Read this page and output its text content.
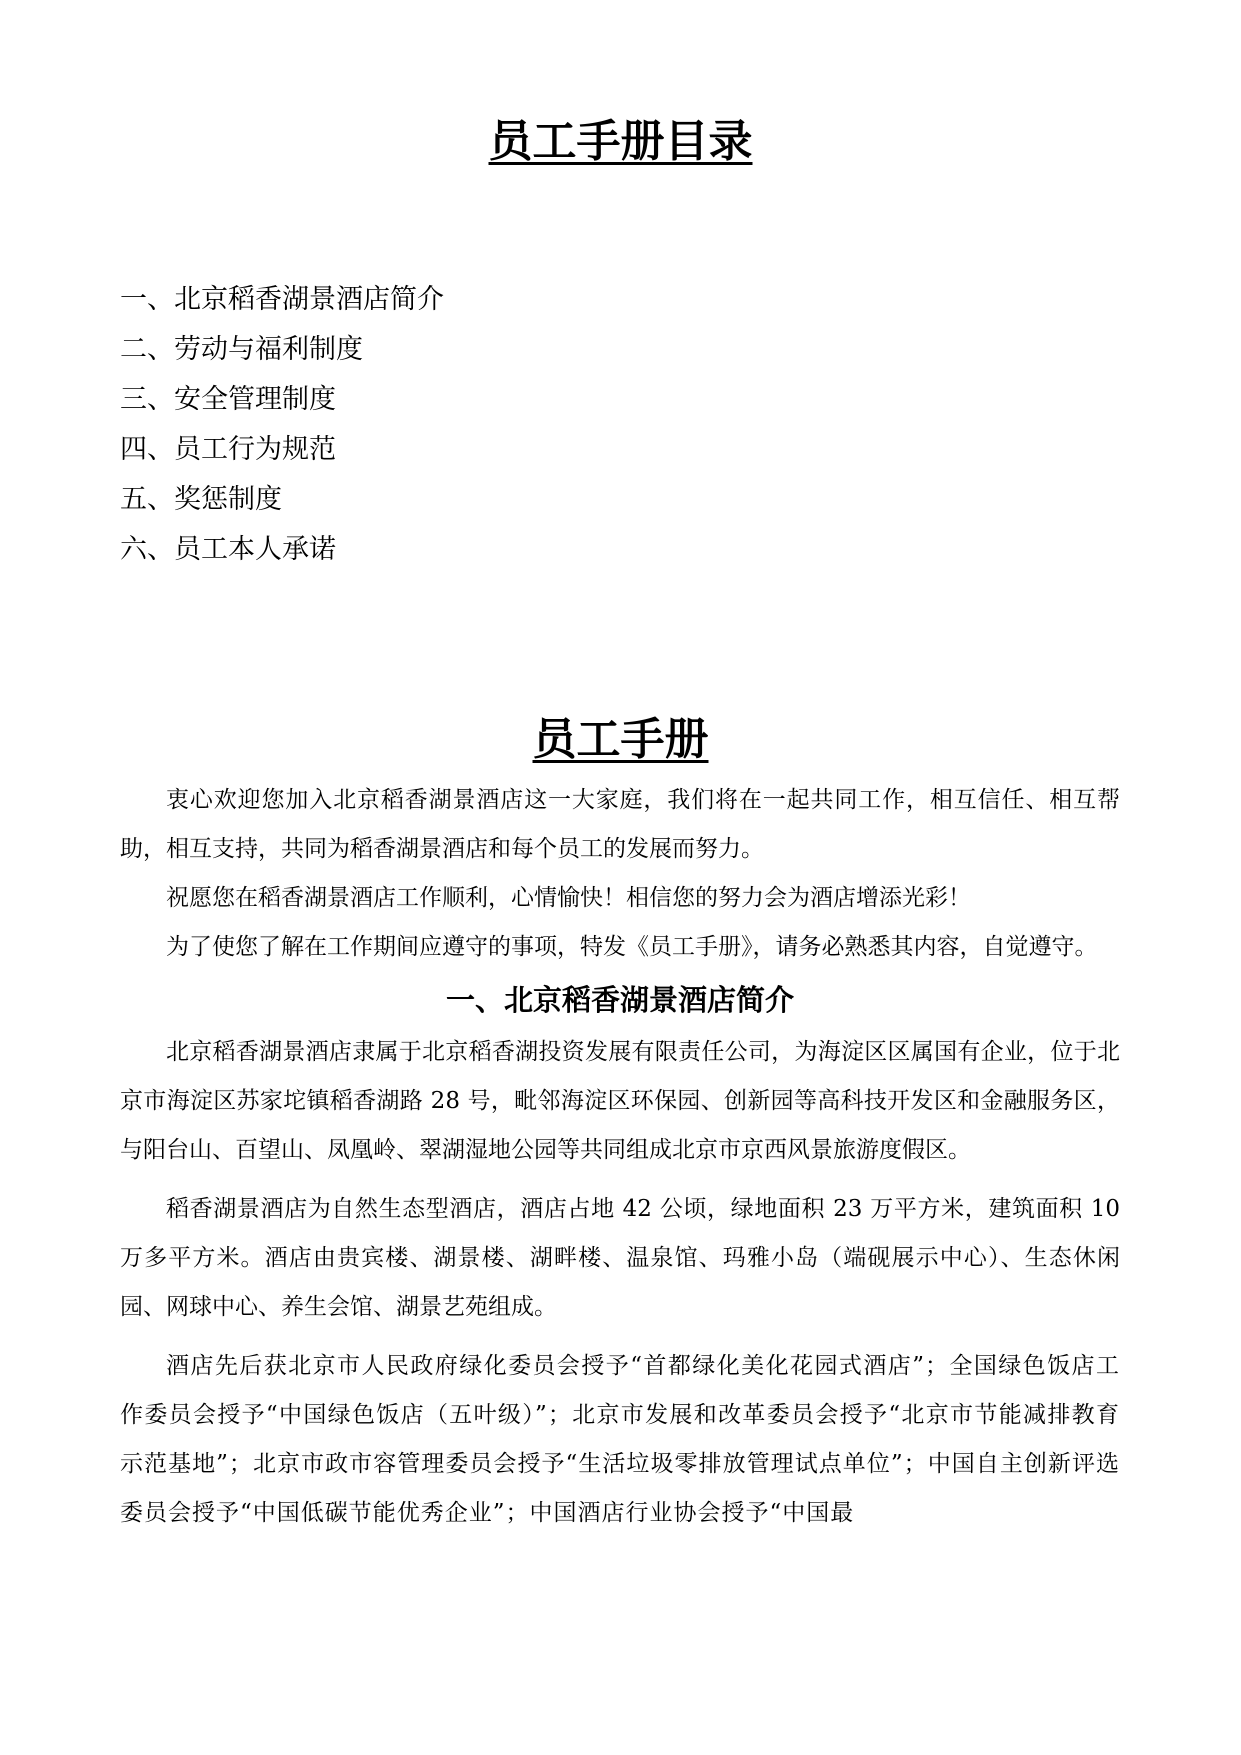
员工手册目录
一、北京稻香湖景酒店简介
二、劳动与福利制度
三、安全管理制度
四、员工行为规范
五、奖惩制度
六、员工本人承诺
员工手册

衷心欢迎您加入北京稻香湖景酒店这一大家庭，我们将在一起共同工作，相互信任、相互帮助，相互支持，共同为稻香湖景酒店和每个员工的发展而努力。

祝愿您在稻香湖景酒店工作顺利，心情愉快！相信您的努力会为酒店增添光彩！

为了使您了解在工作期间应遵守的事项，特发《员工手册》，请务必熟悉其内容，自觉遵守。

一、北京稻香湖景酒店简介

北京稻香湖景酒店隶属于北京稻香湖投资发展有限责任公司，为海淀区区属国有企业，位于北京市海淀区苏家坨镇稻香湖路 28 号，毗邻海淀区环保园、创新园等高科技开发区和金融服务区，与阳台山、百望山、凤凰岭、翠湖湿地公园等共同组成北京市京西风景旅游度假区。

稻香湖景酒店为自然生态型酒店，酒店占地 42 公顷，绿地面积 23 万平方米，建筑面积 10 万多平方米。酒店由贵宾楼、湖景楼、湖畔楼、温泉馆、玛雅小岛（端砚展示中心）、生态休闲园、网球中心、养生会馆、湖景艺苑组成。

酒店先后获北京市人民政府绿化委员会授予“首都绿化美化花园式酒店”；全国绿色饭店工作委员会授予“中国绿色饭店（五叶级）”；北京市发展和改革委员会授予“北京市节能减排教育示范基地”；北京市政市容管理委员会授予“生活垃圾零排放管理试点单位”；中国自主创新评选委员会授予“中国低碳节能优秀企业”；中国酒店行业协会授予“中国最
